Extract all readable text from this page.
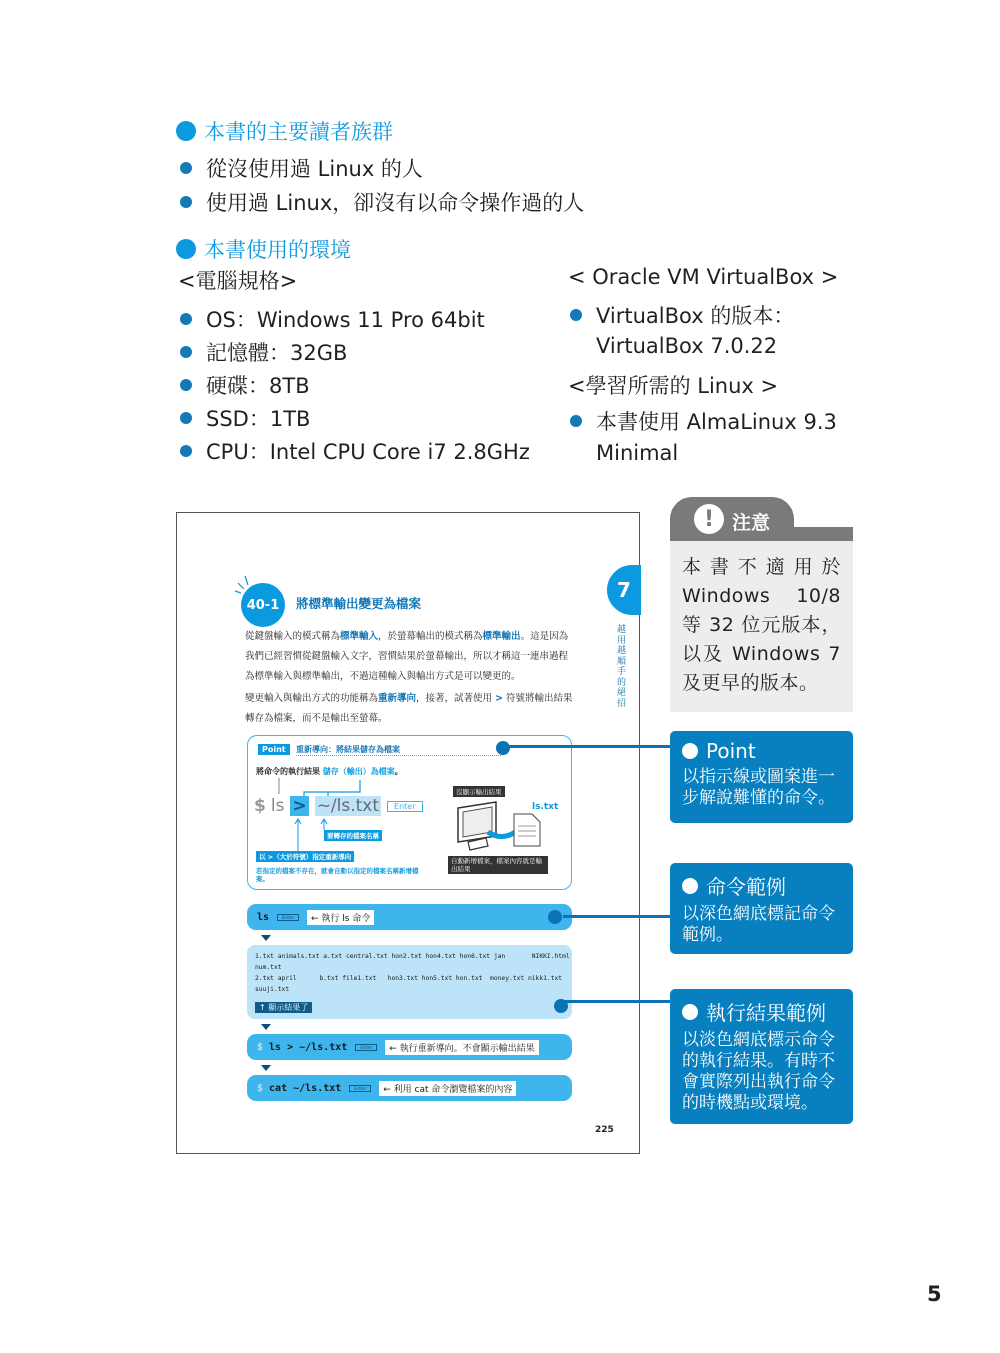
本書的主要讀者族群
從沒使用過 Linux 的人
使用過 Linux，卻沒有以命令操作過的人
本書使用的環境
<電腦規格>
OS：Windows 11 Pro 64bit
記憶體：32GB
硬碟：8TB
SSD：1TB
CPU：Intel CPU Core i7 2.8GHz
< Oracle VM VirtualBox >
VirtualBox 的版本：
VirtualBox 7.0.22
<學習所需的 Linux >
本書使用 AlmaLinux 9.3
Minimal
40-1	將標準輸出變更為檔案
7
越用越順手的絕招
從鍵盤輸入的模式稱為標準輸入，於螢幕輸出的模式稱為標準輸出。這是因為我們已經習慣從鍵盤輸入文字，習慣結果於螢幕輸出，所以才稱這一連串過程為標準輸入與標準輸出，不過這種輸入與輸出方式是可以變更的。
變更輸入與輸出方式的功能稱為重新導向，接著，試著使用 > 符號將輸出結果轉存為檔案，而不是輸出至螢幕。
Point	重新導向：將結果儲存為檔案
將命令的執行結果 儲存（輸出）為檔案。
$ ls > ~/ls.txt	Enter
要轉存的檔案名稱
以 >（大於符號）指定重新導向
若指定的檔案不存在，就會自動以指定的檔案名稱新增檔案。
沒顯示輸出結果
ls.txt
自動新增檔案，檔案內容就是輸出結果
ls	Enter	← 執行 ls 命令
1.txt animals.txt a.txt central.txt hon2.txt hon4.txt hon6.txt jan       NIKKI.html
num.txt
2.txt april      b.txt file1.txt   hon3.txt hon5.txt hon.txt  money.txt nikk1.txt
suuji.txt
↑ 顯示結果了
$ ls > ~/ls.txt	Enter	← 執行重新導向。不會顯示輸出結果
$ cat ~/ls.txt	Enter	← 利用 cat 命令瀏覽檔案的內容
225
! 注意
本書不適用於 Windows 10/8 等 32 位元版本，以及 Windows 7 及更早的版本。
Point
以指示線或圖案進一步解說難懂的命令。
命令範例
以深色網底標記命令範例。
執行結果範例
以淡色網底標示命令的執行結果。有時不會實際列出執行命令的時機點或環境。
5
